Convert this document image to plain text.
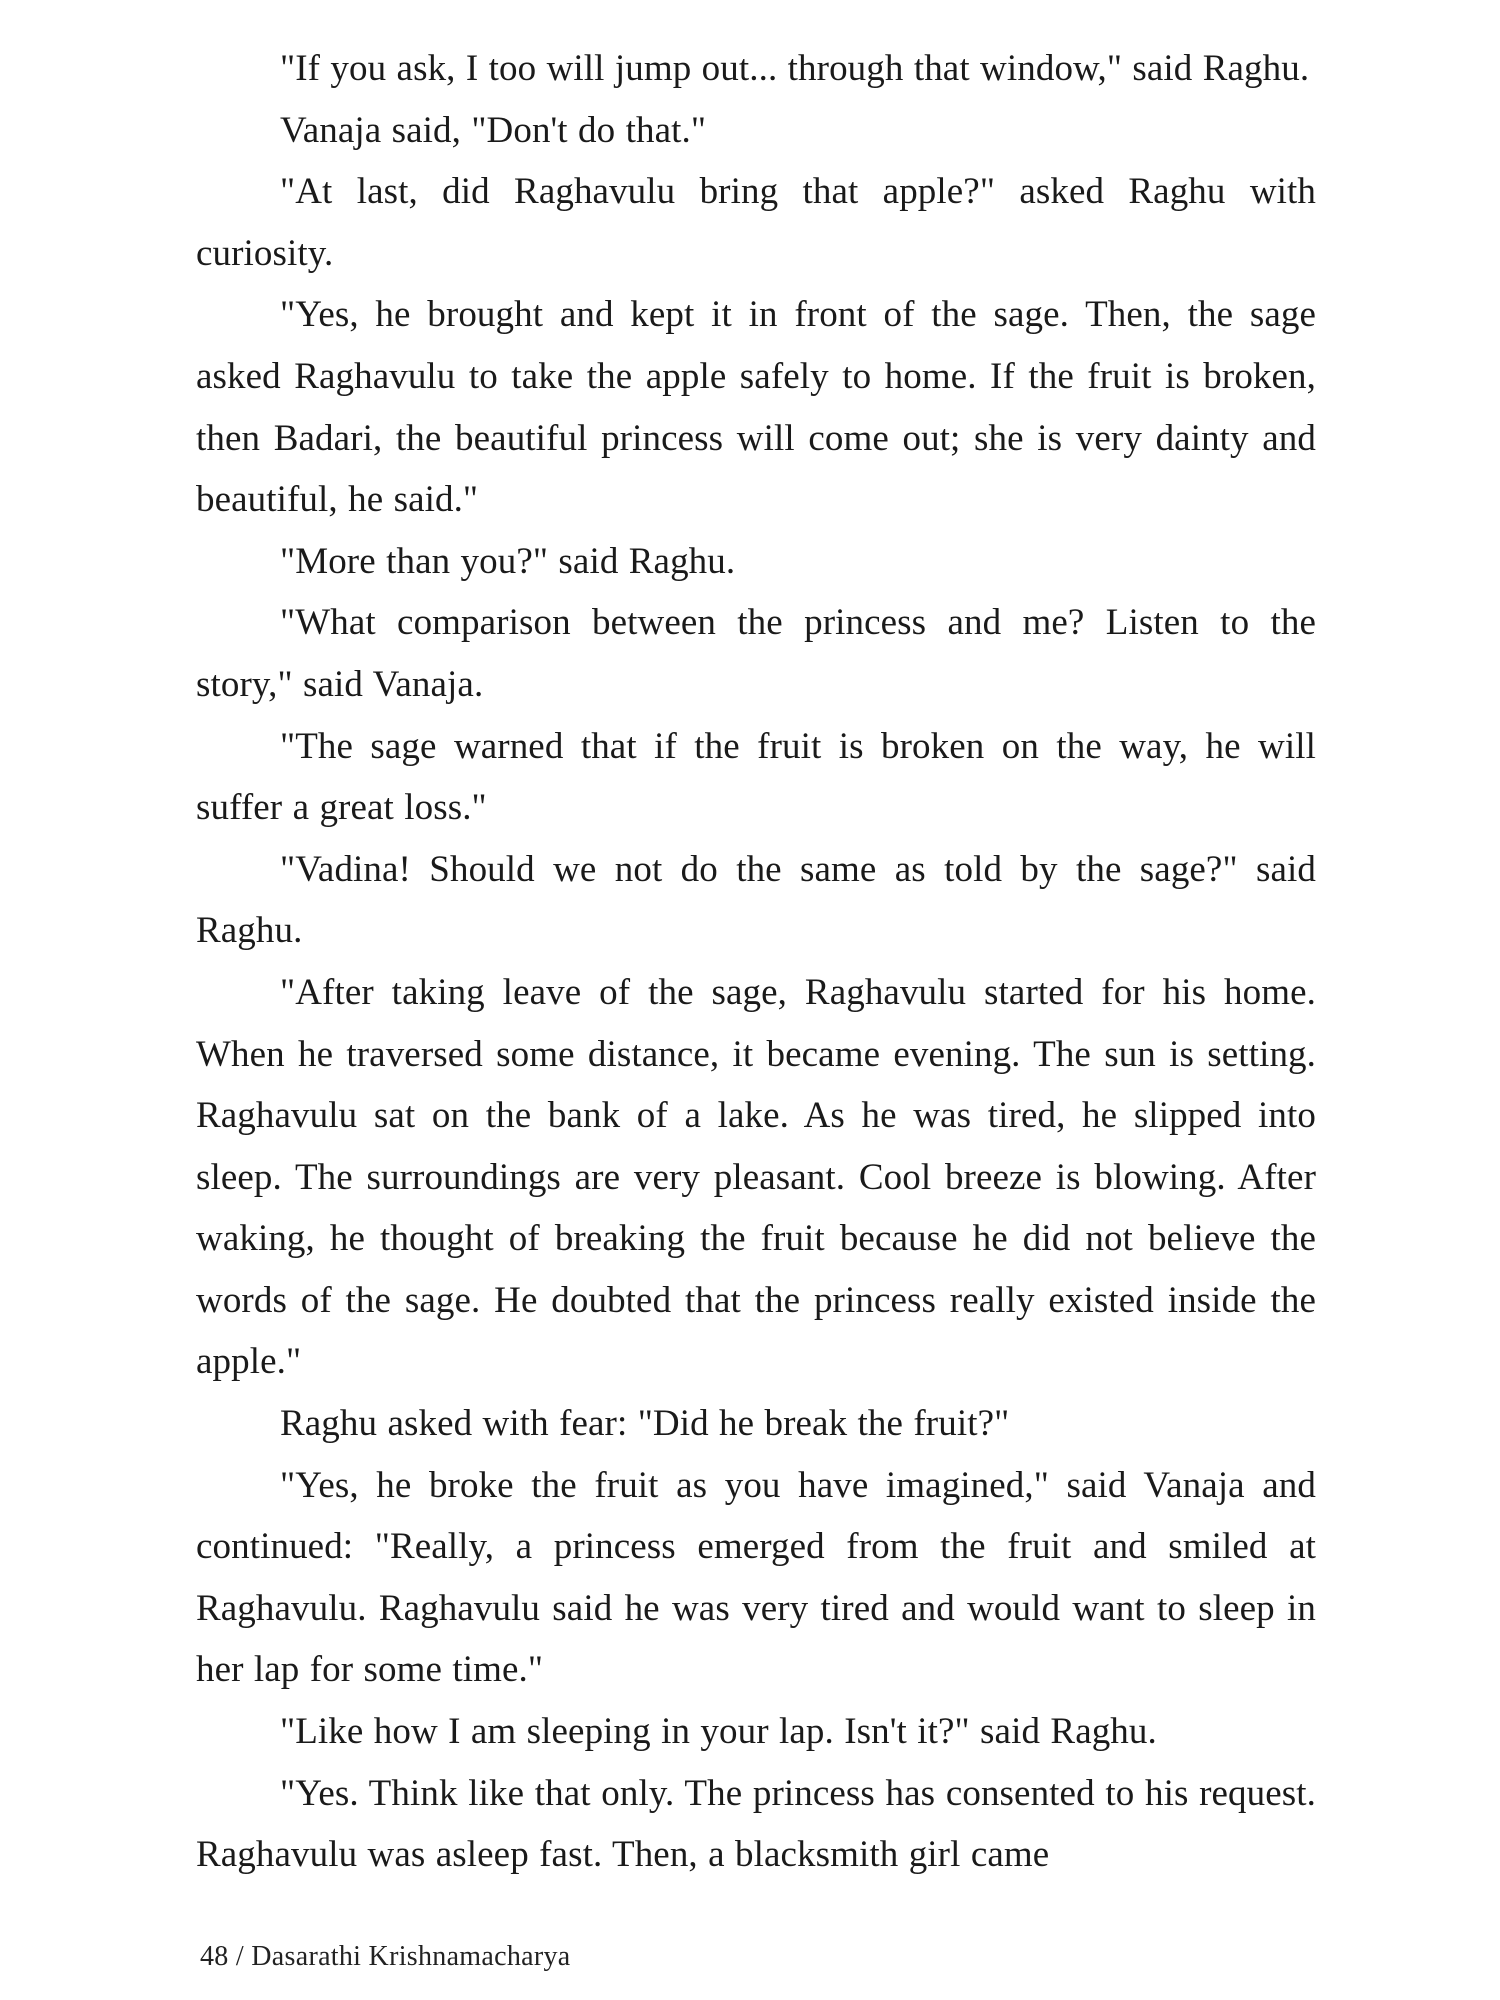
"If you ask, I too will jump out... through that window," said Raghu.

Vanaja said, "Don't do that."

"At last, did Raghavulu bring that apple?" asked Raghu with curiosity.

"Yes, he brought and kept it in front of the sage. Then, the sage asked Raghavulu to take the apple safely to home. If the fruit is broken, then Badari, the beautiful princess will come out; she is very dainty and beautiful, he said."

"More than you?" said Raghu.

"What comparison between the princess and me? Listen to the story," said Vanaja.

"The sage warned that if the fruit is broken on the way, he will suffer a great loss."

"Vadina! Should we not do the same as told by the sage?" said Raghu.

"After taking leave of the sage, Raghavulu started for his home. When he traversed some distance, it became evening. The sun is setting. Raghavulu sat on the bank of a lake. As he was tired, he slipped into sleep. The surroundings are very pleasant. Cool breeze is blowing. After waking, he thought of breaking the fruit because he did not believe the words of the sage. He doubted that the princess really existed inside the apple."

Raghu asked with fear: "Did he break the fruit?"

"Yes, he broke the fruit as you have imagined," said Vanaja and continued: "Really, a princess emerged from the fruit and smiled at Raghavulu. Raghavulu said he was very tired and would want to sleep in her lap for some time."

"Like how I am sleeping in your lap. Isn't it?" said Raghu.

"Yes. Think like that only. The princess has consented to his request. Raghavulu was asleep fast. Then, a blacksmith girl came

48 / Dasarathi Krishnamacharya
